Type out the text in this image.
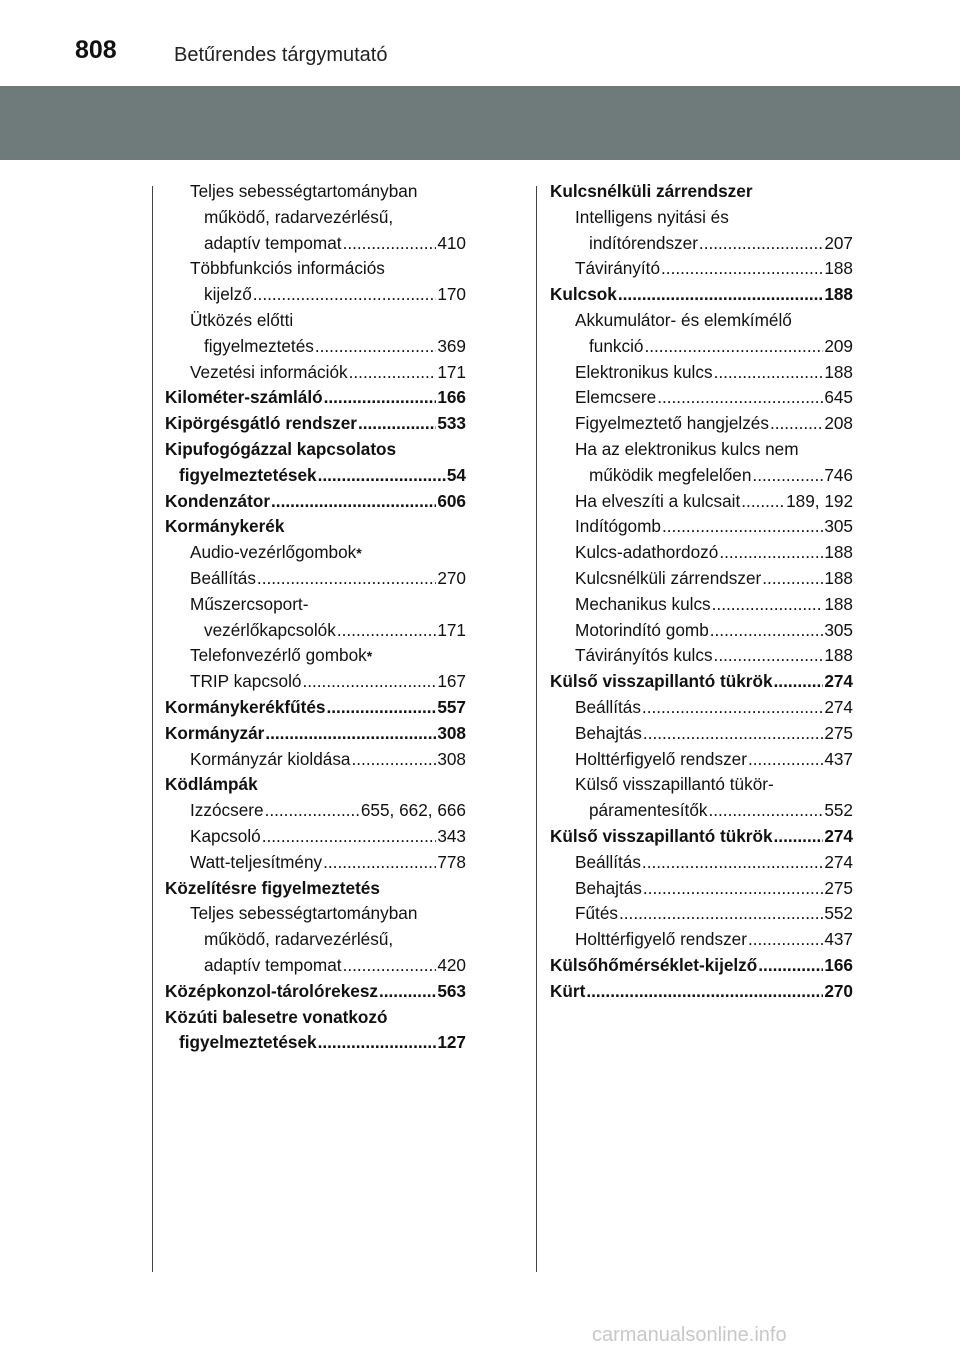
808	Betűrendes tárgymutató
Teljes sebességtartományban
működő, radarvezérlésű,
adaptív tempomat .....	410
Többfunkciós információs
kijelző .....	170
Ütközés előtti
figyelmeztetés .....	369
Vezetési információk .....	171
Kilométer-számláló .....	166
Kipörgésgátló rendszer .....	533
Kipufogógázzal kapcsolatos
figyelmeztetések .....	54
Kondenzátor .....	606
Kormánykerék
Audio-vezérlőgombok *
Beállítás .....	270
Műszercsoport-
vezérlőkapcsolók .....	171
Telefonvezérlő gombok *
TRIP kapcsoló .....	167
Kormánykerékfűtés .....	557
Kormányzár .....	308
Kormányzár kioldása .....	308
Ködlámpák
Izzócsere .....	655, 662, 666
Kapcsoló .....	343
Watt-teljesítmény .....	778
Közelítésre figyelmeztetés
Teljes sebességtartományban
működő, radarvezérlésű,
adaptív tempomat .....	420
Középkonzol-tárolórekesz .....	563
Közúti balesetre vonatkozó
figyelmeztetések .....	127
Kulcsnélküli zárrendszer
Intelligens nyitási és
indítórendszer .....	207
Távirányító .....	188
Kulcsok .....	188
Akkumulátor- és elemkímélő
funkció .....	209
Elektronikus kulcs .....	188
Elemcsere .....	645
Figyelmeztető hangjelzés .....	208
Ha az elektronikus kulcs nem
működik megfelelően .....	746
Ha elveszíti a kulcsait .....	189, 192
Indítógomb .....	305
Kulcs-adathordozó .....	188
Kulcsnélküli zárrendszer .....	188
Mechanikus kulcs .....	188
Motorindító gomb .....	305
Távirányítós kulcs .....	188
Külső visszapillantó tükrök .....	274
Beállítás .....	274
Behajtás .....	275
Holttérfigyelő rendszer .....	437
Külső visszapillantó tükör-
páramentesítők .....	552
Külső visszapillantó tükrök .....	274
Beállítás .....	274
Behajtás .....	275
Fűtés .....	552
Holttérfigyelő rendszer .....	437
Külsőhőmérséklet-kijelző .....	166
Kürt .....	270
carmanualsonline.info
